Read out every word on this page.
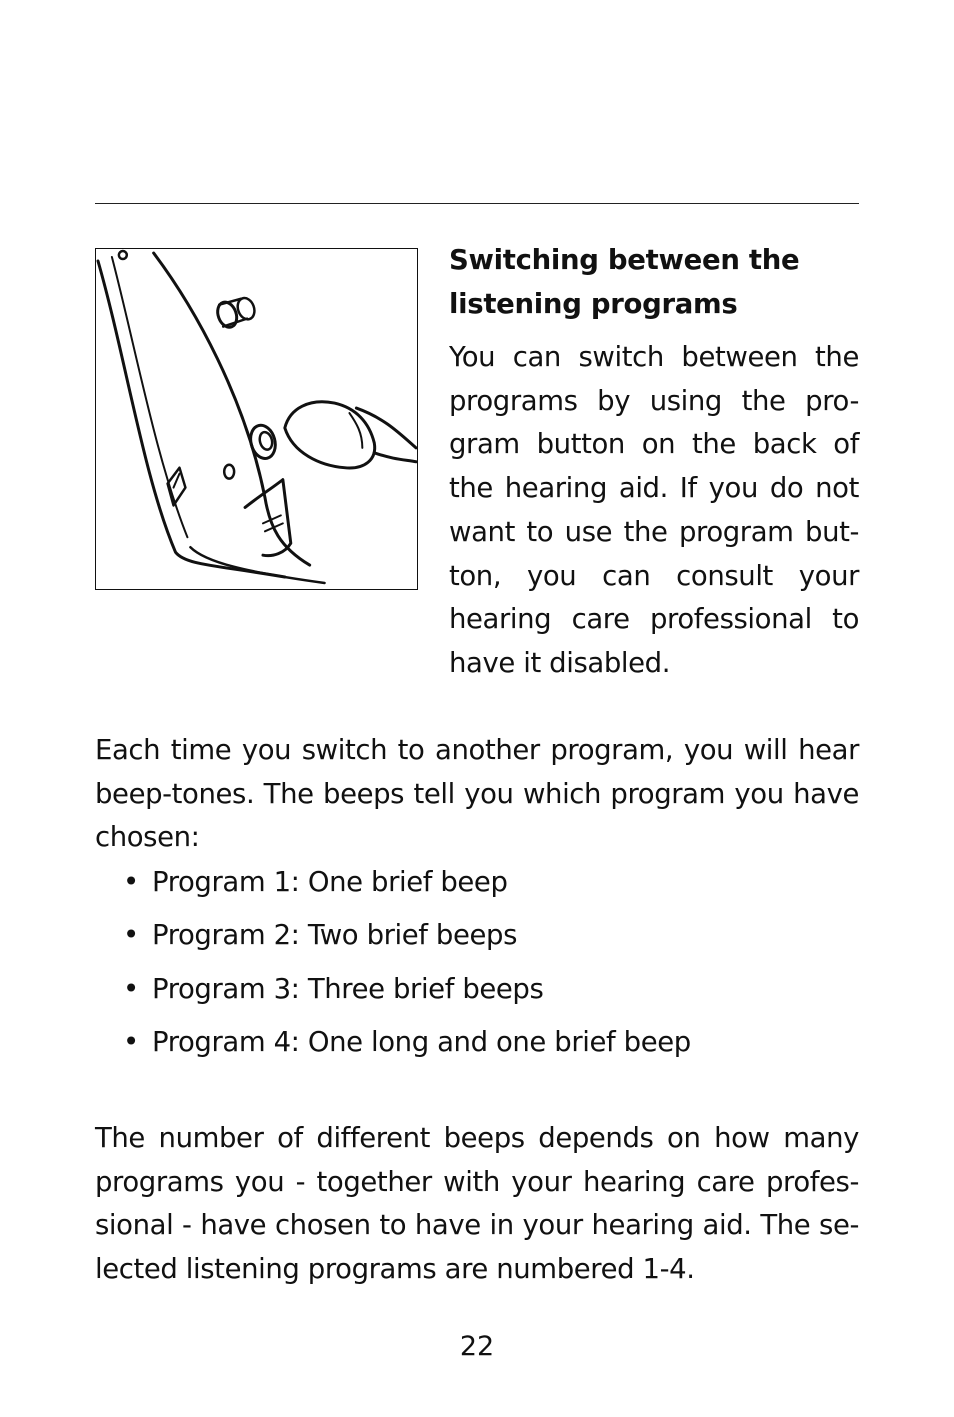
Switching between the
listening programs

You can switch between the programs by using the pro-gram button on the back of the hearing aid. If you do not want to use the program but-ton, you can consult your hearing care professional to have it disabled.

Each time you switch to another program, you will hear beep-tones. The beeps tell you which program you have chosen:

• Program 1: One brief beep
• Program 2: Two brief beeps
• Program 3: Three brief beeps
• Program 4: One long and one brief beep

The number of different beeps depends on how many programs you - together with your hearing care profes-sional - have chosen to have in your hearing aid. The se-lected listening programs are numbered 1-4.

22
